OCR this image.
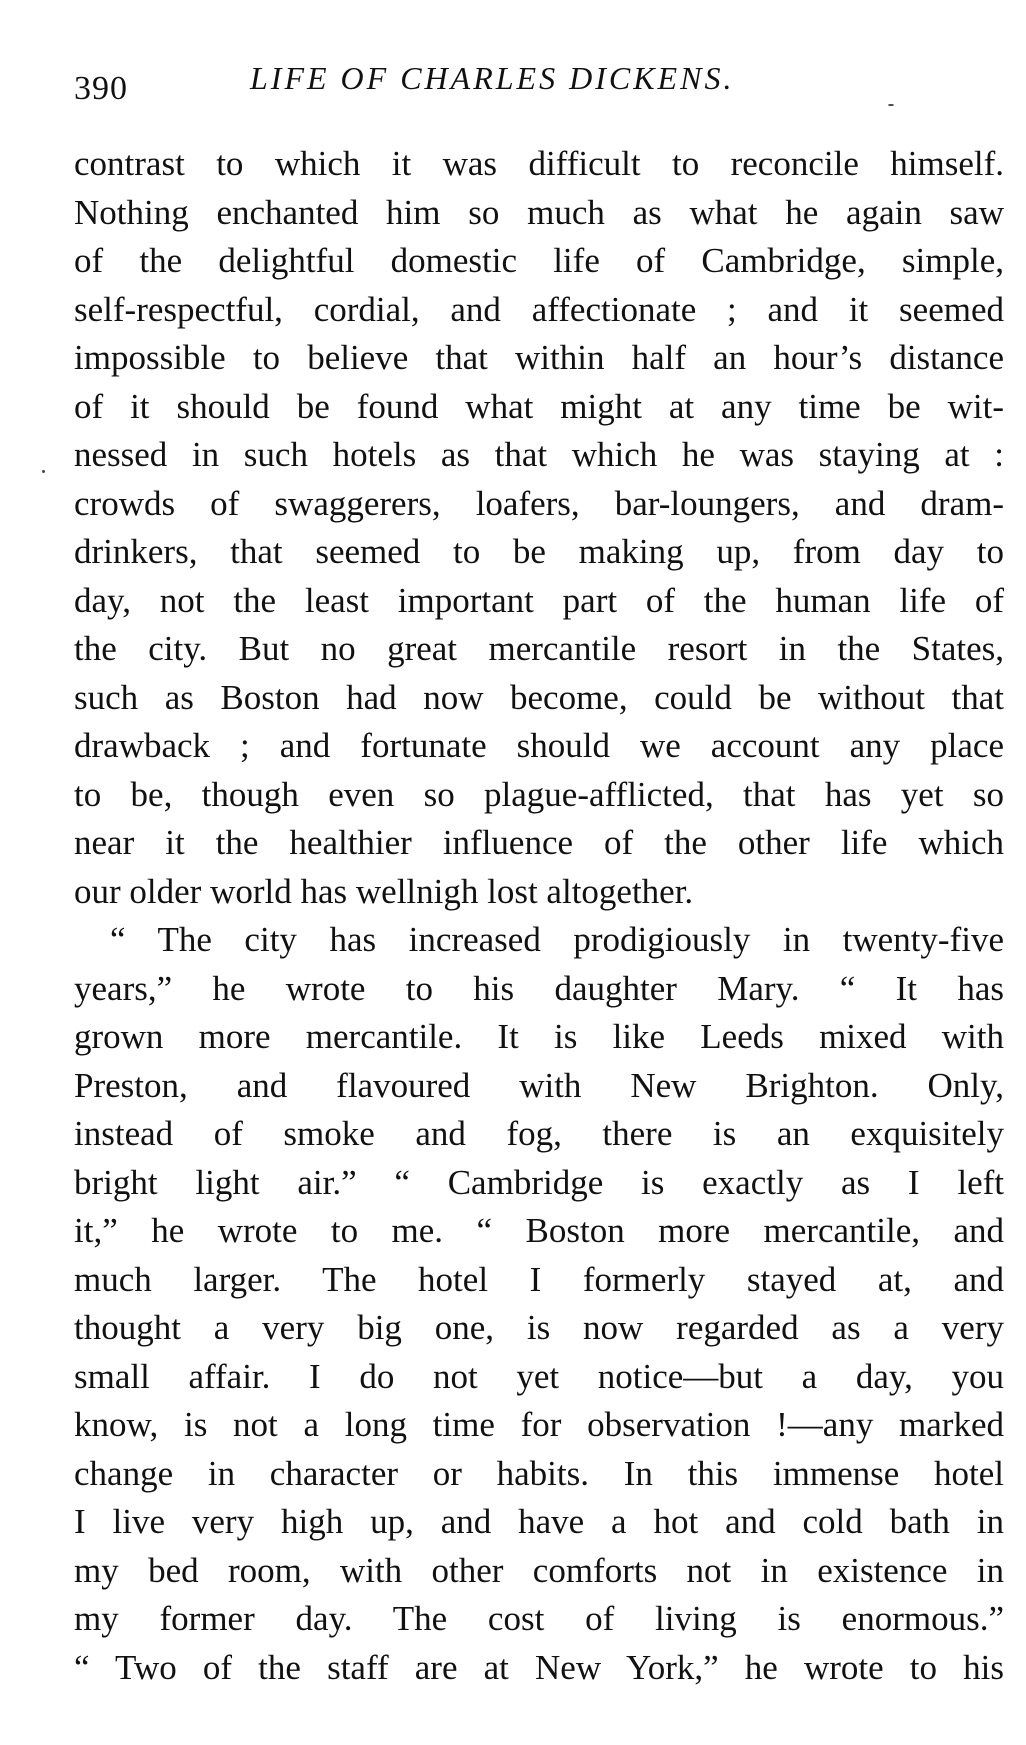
390	LIFE OF CHARLES DICKENS.
contrast to which it was difficult to reconcile himself.
Nothing enchanted him so much as what he again saw
of the delightful domestic life of Cambridge, simple,
self-respectful, cordial, and affectionate ; and it seemed
impossible to believe that within half an hour’s distance
of it should be found what might at any time be wit-
nessed in such hotels as that which he was staying at :
crowds of swaggerers, loafers, bar-loungers, and dram-
drinkers, that seemed to be making up, from day to
day, not the least important part of the human life of
the city. But no great mercantile resort in the States,
such as Boston had now become, could be without that
drawback ; and fortunate should we account any place
to be, though even so plague-afflicted, that has yet so
near it the healthier influence of the other life which
our older world has wellnigh lost altogether.
“ The city has increased prodigiously in twenty-five
years,” he wrote to his daughter Mary. “ It has
grown more mercantile. It is like Leeds mixed with
Preston, and flavoured with New Brighton. Only,
instead of smoke and fog, there is an exquisitely
bright light air.” “ Cambridge is exactly as I left
it,” he wrote to me. “ Boston more mercantile, and
much larger. The hotel I formerly stayed at, and
thought a very big one, is now regarded as a very
small affair. I do not yet notice—but a day, you
know, is not a long time for observation !—any marked
change in character or habits. In this immense hotel
I live very high up, and have a hot and cold bath in
my bed room, with other comforts not in existence in
my former day. The cost of living is enormous.”
“ Two of the staff are at New York,” he wrote to his
